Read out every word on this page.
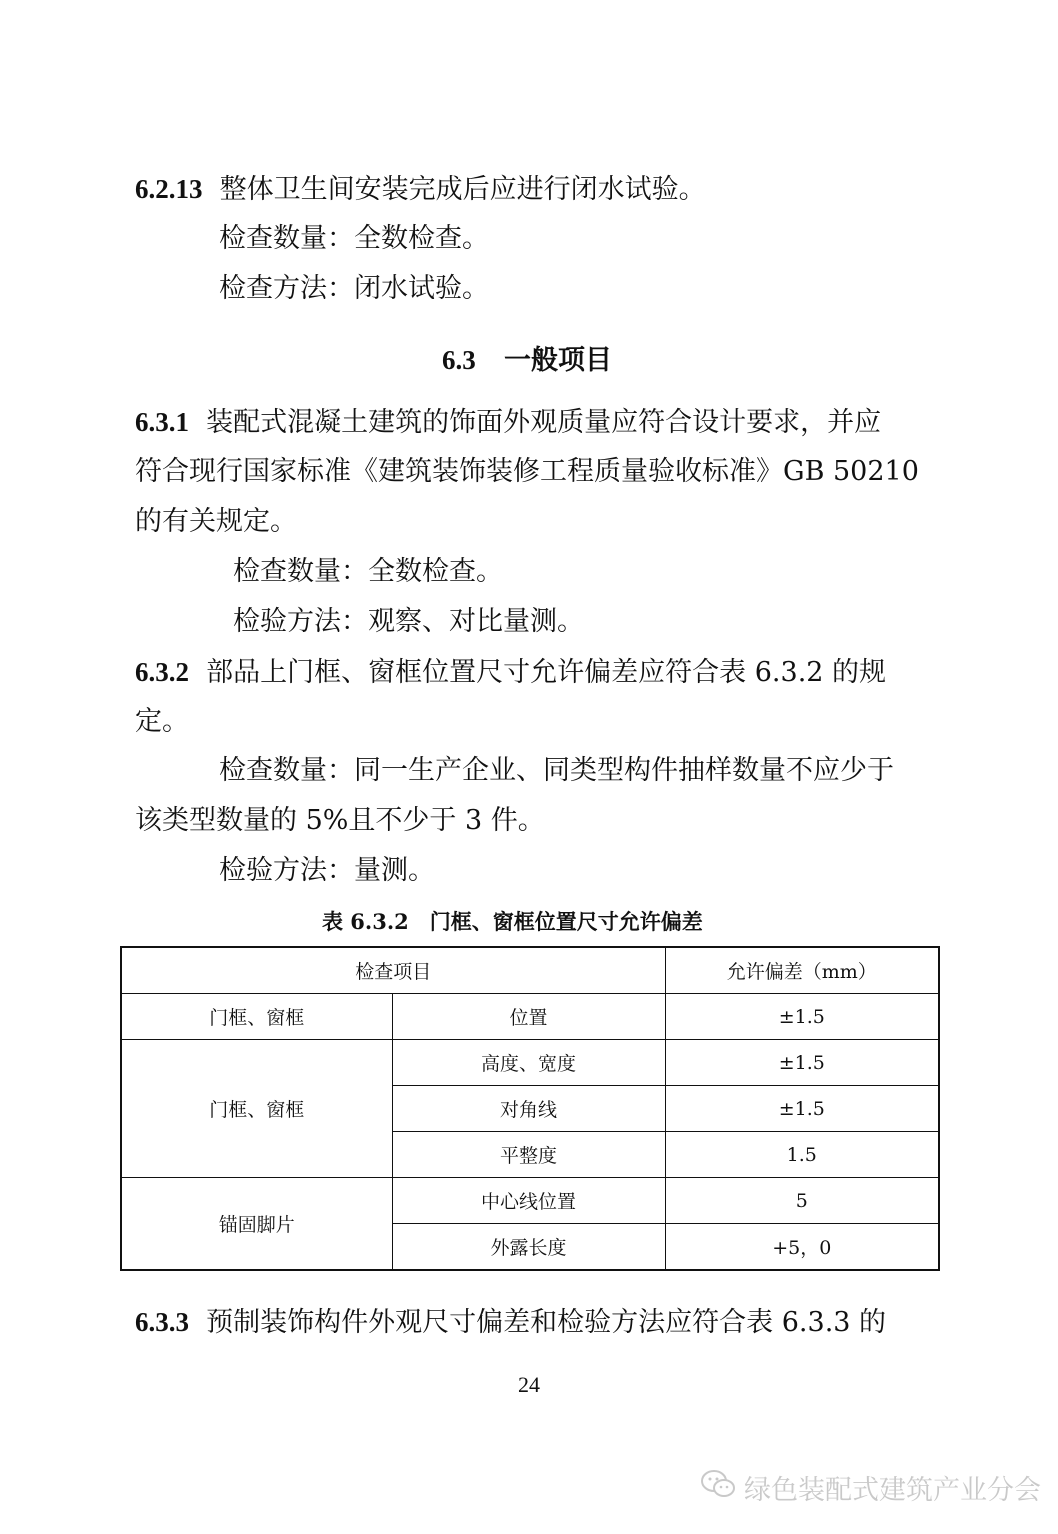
6.2.13 整体卫生间安装完成后应进行闭水试验。
检查数量：全数检查。
检查方法：闭水试验。
6.3 一般项目
6.3.1 装配式混凝土建筑的饰面外观质量应符合设计要求，并应
符合现行国家标准《建筑装饰装修工程质量验收标准》GB 50210
的有关规定。
检查数量：全数检查。
检验方法：观察、对比量测。
6.3.2 部品上门框、窗框位置尺寸允许偏差应符合表 6.3.2 的规
定。
检查数量：同一生产企业、同类型构件抽样数量不应少于
该类型数量的 5%且不少于 3 件。
检验方法：量测。
表 6.3.2　门框、窗框位置尺寸允许偏差
检查项目		允许偏差（mm）
门框、窗框	位置	±1.5
门框、窗框	高度、宽度	±1.5
	对角线	±1.5
	平整度	1.5
锚固脚片	中心线位置	5
	外露长度	+5，0
6.3.3 预制装饰构件外观尺寸偏差和检验方法应符合表 6.3.3 的
24
绿色装配式建筑产业分会
